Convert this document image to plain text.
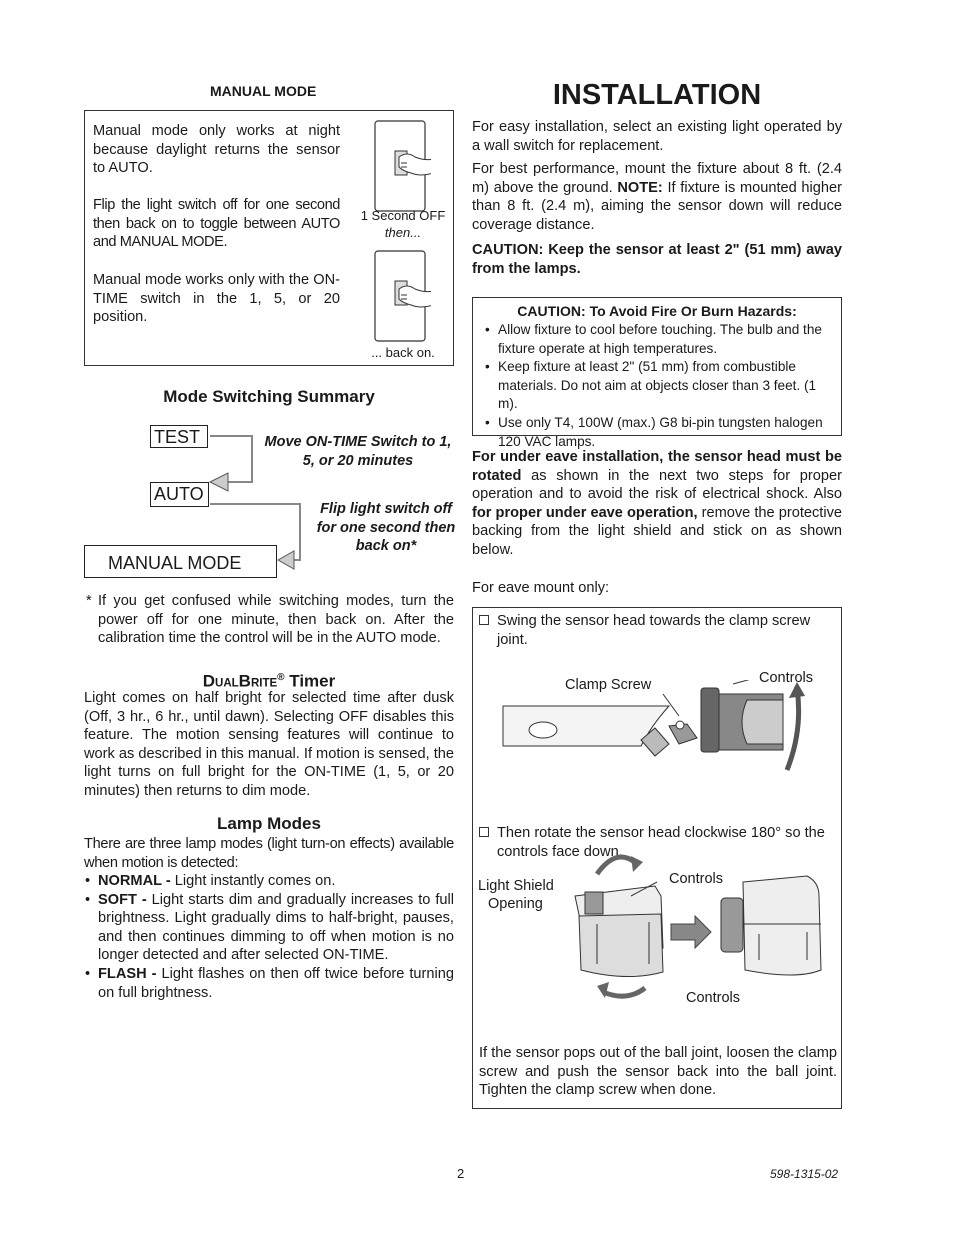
MANUAL MODE
Manual mode only works at night because daylight returns the sensor to AUTO.
Flip the light switch off for one second then back on to toggle between AUTO and MANUAL MODE.
Manual mode works only with the ON-TIME switch in the 1, 5, or 20 position.
1 Second OFF
then...
... back on.
Mode Switching Summary
TEST
AUTO
MANUAL MODE
Move ON-TIME Switch to 1, 5, or 20 minutes
Flip light switch off for one second then back on*
* If you get confused while switching modes, turn the power off for one minute, then back on. After the calibration time the control will be in the AUTO mode.
DUALBRITE® Timer
Light comes on half bright for selected time after dusk (Off, 3 hr., 6 hr., until dawn). Selecting OFF disables this feature. The motion sensing features will continue to work as described in this manual. If motion is sensed, the light turns on full bright for the ON-TIME (1, 5, or 20 minutes) then returns to dim mode.
Lamp Modes
There are three lamp modes (light turn-on effects) available when motion is detected:
• NORMAL - Light instantly comes on.
• SOFT - Light starts dim and gradually increases to full brightness. Light gradually dims to half-bright, pauses, and then continues dimming to off when motion is no longer detected and after selected ON-TIME.
• FLASH - Light flashes on then off twice before turning on full brightness.
INSTALLATION
For easy installation, select an existing light operated by a wall switch for replacement.
For best performance, mount the fixture about 8 ft. (2.4 m) above the ground. NOTE: If fixture is mounted higher than 8 ft. (2.4 m), aiming the sensor down will reduce coverage distance.
CAUTION: Keep the sensor at least 2" (51 mm) away from the lamps.
CAUTION: To Avoid Fire Or Burn Hazards:
• Allow fixture to cool before touching. The bulb and the fixture operate at high temperatures.
• Keep fixture at least 2" (51 mm) from combustible materials. Do not aim at objects closer than 3 feet. (1 m).
• Use only T4, 100W (max.) G8 bi-pin tungsten halogen 120 VAC lamps.
For under eave installation, the sensor head must be rotated as shown in the next two steps for proper operation and to avoid the risk of electrical shock. Also for proper under eave operation, remove the protective backing from the light shield and stick on as shown below.
For eave mount only:
Swing the sensor head towards the clamp screw joint.
Clamp Screw	Controls
Then rotate the sensor head clockwise 180° so the controls face down.
Light Shield
Opening
Controls
Controls
If the sensor pops out of the ball joint, loosen the clamp screw and push the sensor back into the ball joint. Tighten the clamp screw when done.
2	598-1315-02
